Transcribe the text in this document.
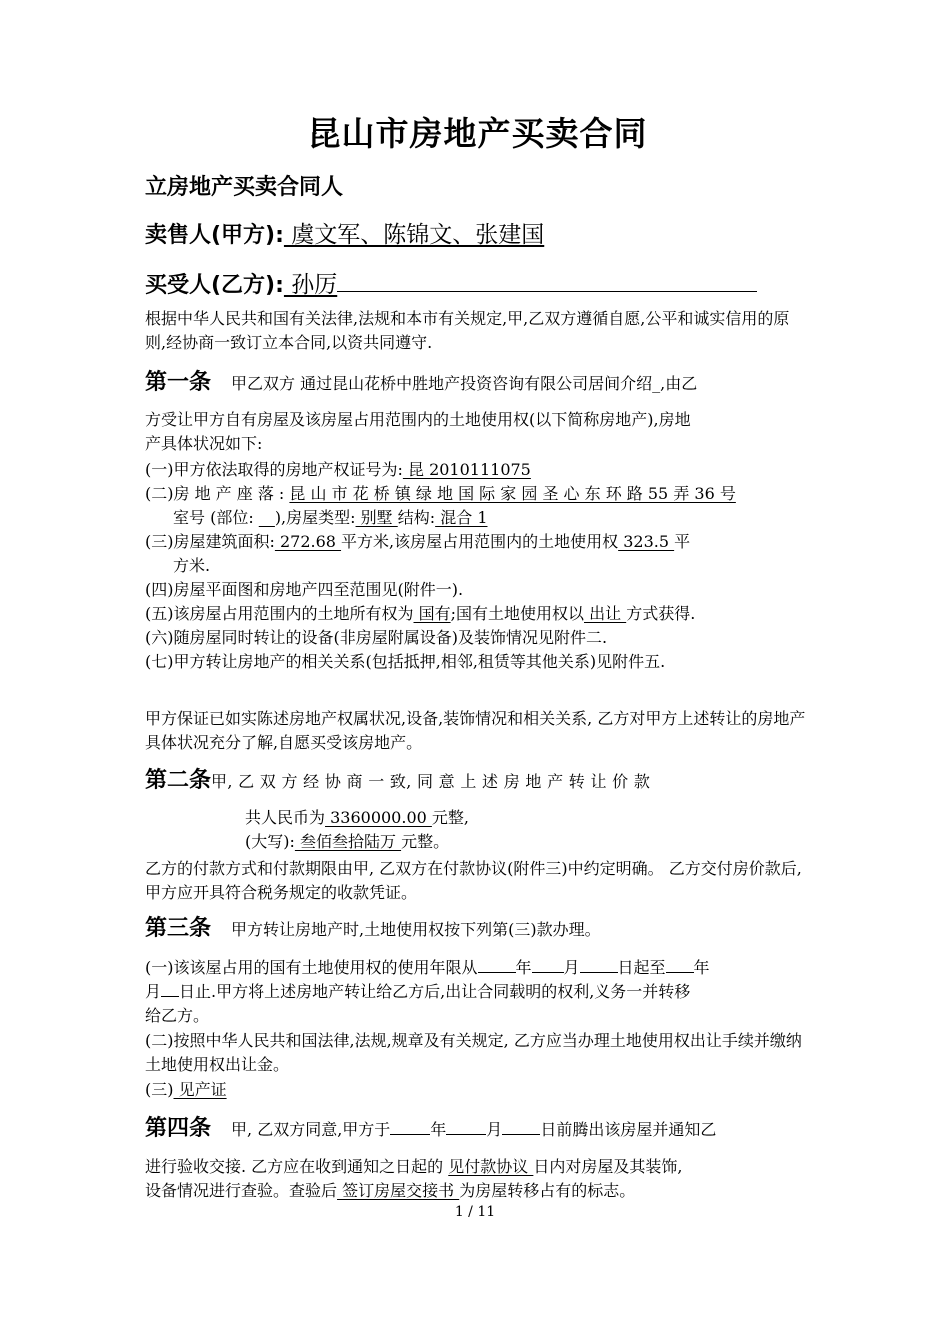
昆山市房地产买卖合同
立房地产买卖合同人
卖售人(甲方): 虞文军、陈锦文、张建国
买受人(乙方): 孙厉
根据中华人民共和国有关法律,法规和本市有关规定,甲,乙双方遵循自愿,公平和诚实信用的原则,经协商一致订立本合同,以资共同遵守.
第一条 甲乙双方 通过昆山花桥中胜地产投资咨询有限公司居间介绍_,由乙
方受让甲方自有房屋及该房屋占用范围内的土地使用权(以下简称房地产),房地
产具体状况如下:
(一)甲方依法取得的房地产权证号为: 昆 2010111075
(二)房 地 产 座 落 : 昆 山 市 花 桥 镇 绿 地 国 际 家 园 圣 心 东 环 路 55 弄 36 号
室号 (部位: __),房屋类型: 别墅 结构: 混合 1
(三)房屋建筑面积: 272.68 平方米,该房屋占用范围内的土地使用权 323.5 平
方米.
(四)房屋平面图和房地产四至范围见(附件一).
(五)该房屋占用范围内的土地所有权为 国有;国有土地使用权以 出让 方式获得.
(六)随房屋同时转让的设备(非房屋附属设备)及装饰情况见附件二.
(七)甲方转让房地产的相关关系(包括抵押,相邻,租赁等其他关系)见附件五.
甲方保证已如实陈述房地产权属状况,设备,装饰情况和相关关系, 乙方对甲方上述转让的房地产具体状况充分了解,自愿买受该房地产。
第二条甲, 乙 双 方 经 协 商 一 致, 同 意 上 述 房 地 产 转 让 价 款
共人民币为 3360000.00 元整,
(大写): 叁佰叁拾陆万 元整。
乙方的付款方式和付款期限由甲, 乙双方在付款协议(附件三)中约定明确。 乙方交付房价款后,甲方应开具符合税务规定的收款凭证。
第三条 甲方转让房地产时,土地使用权按下列第(三)款办理。
(一)该该屋占用的国有土地使用权的使用年限从 年 月 日起至 年
月 日止.甲方将上述房地产转让给乙方后,出让合同载明的权利,义务一并转移
给乙方。
(二)按照中华人民共和国法律,法规,规章及有关规定, 乙方应当办理土地使用权出让手续并缴纳土地使用权出让金。
(三) 见产证
第四条 甲, 乙双方同意,甲方于	年	月 日前腾出该房屋并通知乙
进行验收交接. 乙方应在收到通知之日起的 见付款协议 日内对房屋及其装饰,
设备情况进行查验。查验后 签订房屋交接书 为房屋转移占有的标志。
1 / 11
